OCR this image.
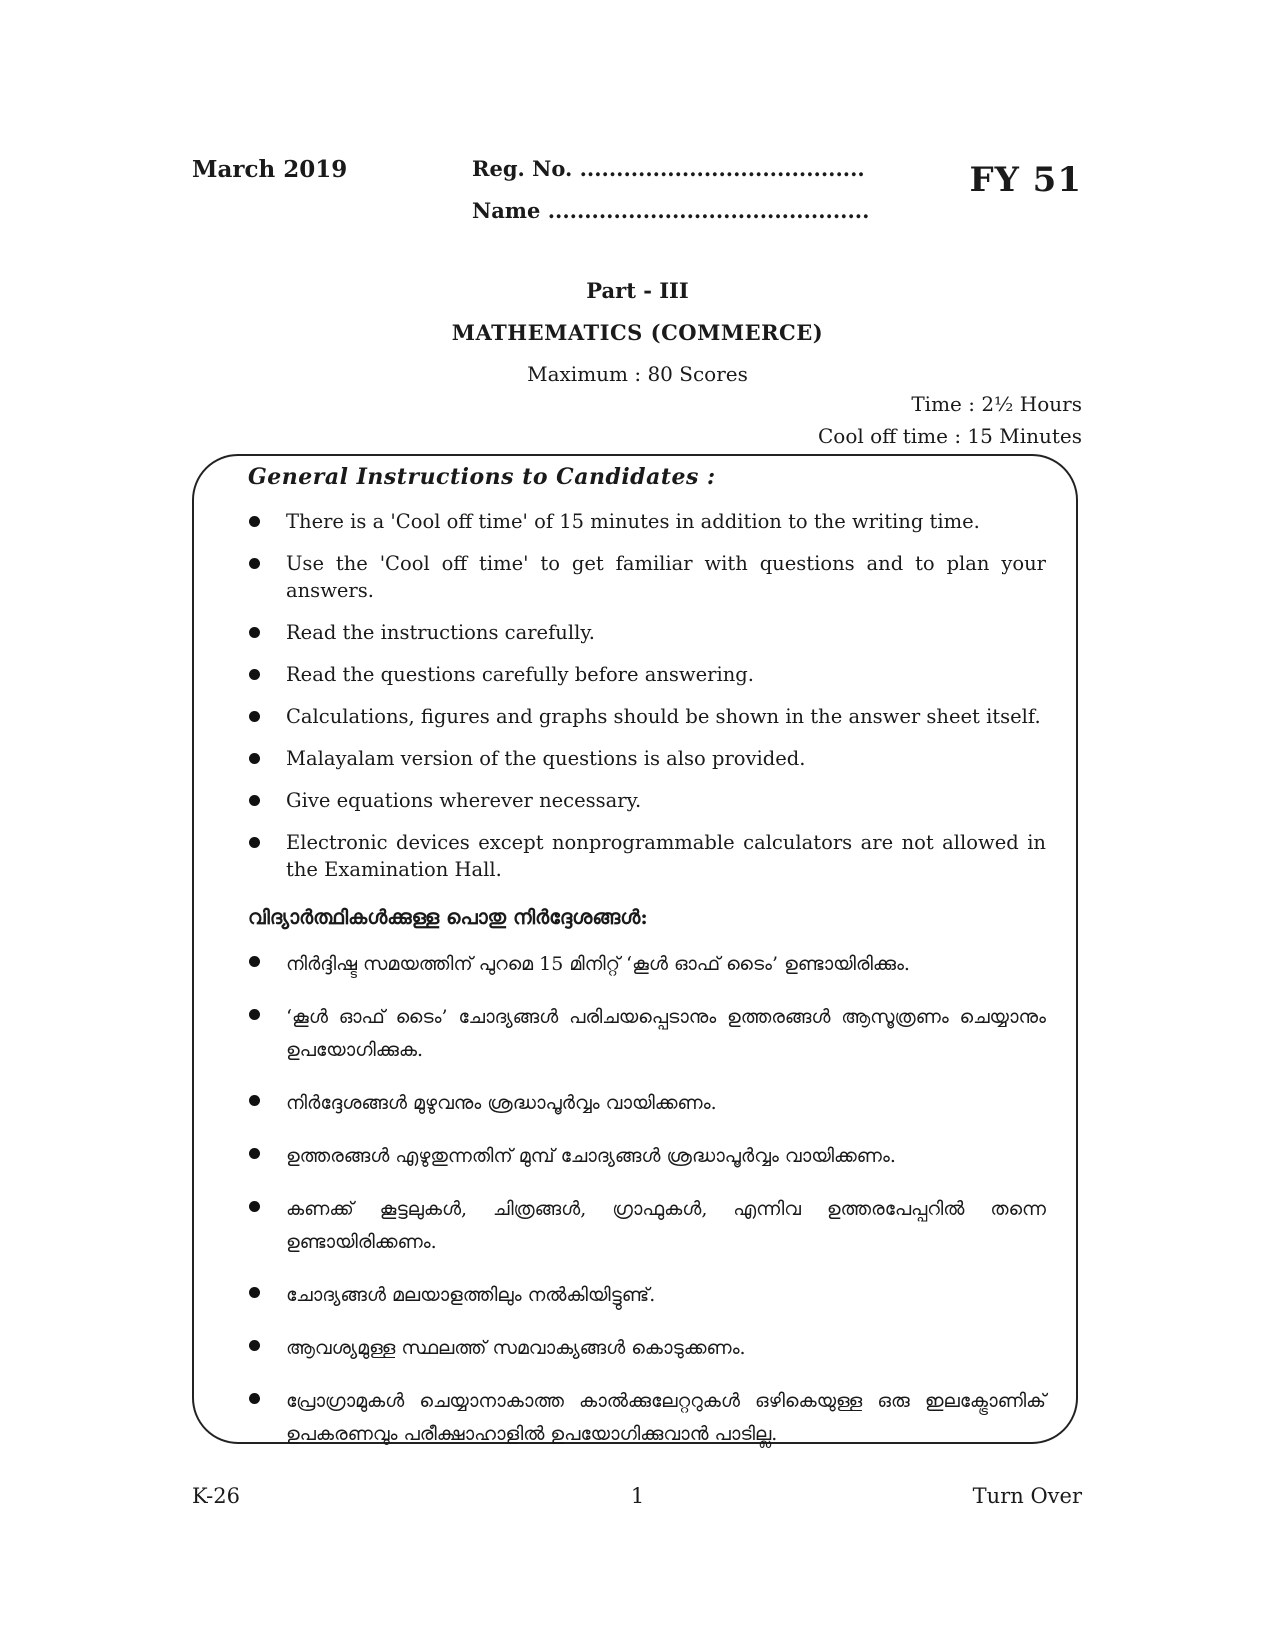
March 2019	Reg. No. .......................................
Name ............................................
FY 51
Part - III
MATHEMATICS (COMMERCE)
Maximum : 80 Scores
Time : 2½ Hours
Cool off time : 15 Minutes
General Instructions to Candidates :
There is a 'Cool off time' of 15 minutes in addition to the writing time.
Use the 'Cool off time' to get familiar with questions and to plan your answers.
Read the instructions carefully.
Read the questions carefully before answering.
Calculations, figures and graphs should be shown in the answer sheet itself.
Malayalam version of the questions is also provided.
Give equations wherever necessary.
Electronic devices except nonprogrammable calculators are not allowed in the Examination Hall.
വിദ്യാർത്ഥികൾക്കുള്ള പൊതു നിർദ്ദേശങ്ങൾ:
നിർദ്ദിഷ്ട സമയത്തിന് പുറമെ 15 മിനിറ്റ് ‘കൂൾ ഓഫ് ടൈം’ ഉണ്ടായിരിക്കും.
‘കൂൾ ഓഫ് ടൈം’ ചോദ്യങ്ങൾ പരിചയപ്പെടാനും ഉത്തരങ്ങൾ ആസൂത്രണം ചെയ്യാനും ഉപയോഗിക്കുക.
നിർദ്ദേശങ്ങൾ മുഴുവനും ശ്രദ്ധാപൂർവ്വം വായിക്കണം.
ഉത്തരങ്ങൾ എഴുതുന്നതിന് മുമ്പ് ചോദ്യങ്ങൾ ശ്രദ്ധാപൂർവ്വം വായിക്കണം.
കണക്ക് കൂട്ടലുകൾ, ചിത്രങ്ങൾ, ഗ്രാഫുകൾ, എന്നിവ ഉത്തരപേപ്പറിൽ തന്നെ ഉണ്ടായിരിക്കണം.
ചോദ്യങ്ങൾ മലയാളത്തിലും നൽകിയിട്ടുണ്ട്.
ആവശ്യമുള്ള സ്ഥലത്ത് സമവാക്യങ്ങൾ കൊടുക്കണം.
പ്രോഗ്രാമുകൾ ചെയ്യാനാകാത്ത കാൽക്കുലേറ്ററുകൾ ഒഴികെയുള്ള ഒരു ഇലക്ട്രോണിക് ഉപകരണവും പരീക്ഷാഹാളിൽ ഉപയോഗിക്കുവാൻ പാടില്ല.
K-26	1	Turn Over
